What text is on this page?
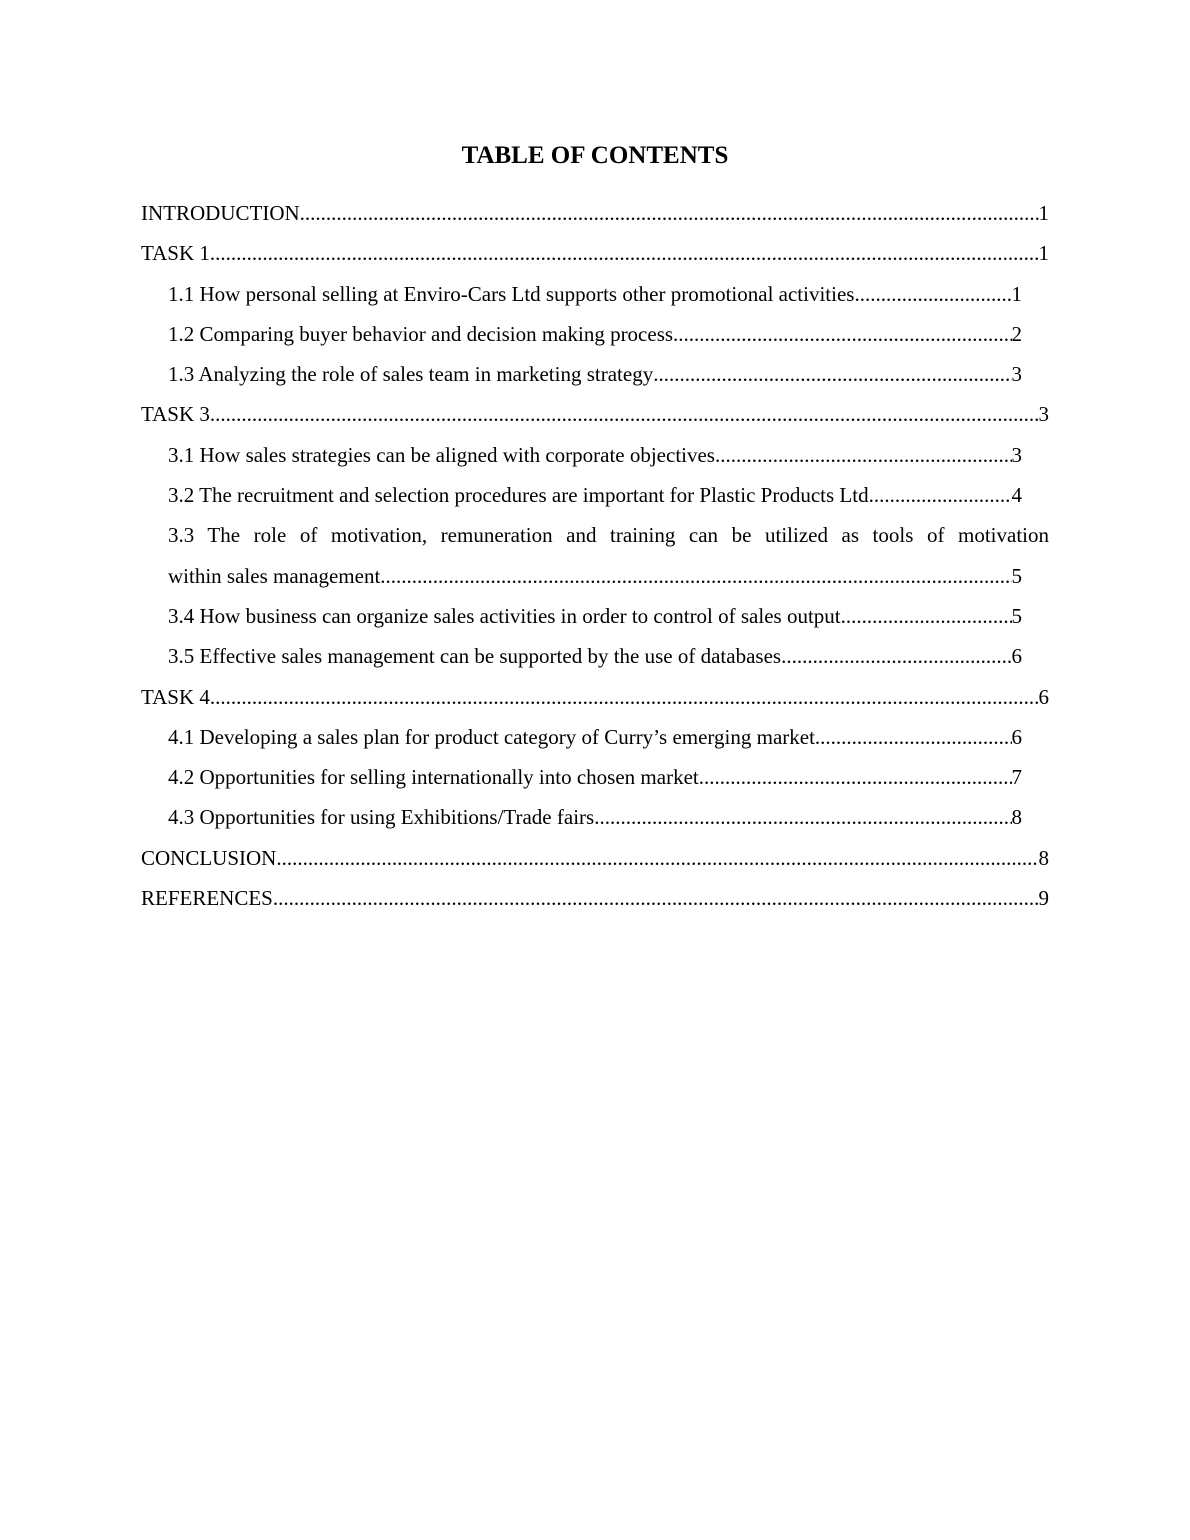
TABLE OF CONTENTS
INTRODUCTION .....	1
TASK 1 .....	1
1.1 How personal selling at Enviro-Cars Ltd supports other promotional activities .....	1
1.2 Comparing buyer behavior and decision making process .....	2
1.3 Analyzing the role of sales team in marketing strategy .....	3
TASK 3 .....	3
3.1 How sales strategies can be aligned with corporate objectives .....	3
3.2 The recruitment and selection procedures are important for Plastic Products Ltd .....	4
3.3 The role of motivation, remuneration and training can be utilized as tools of motivation
within sales management .....	5
3.4 How business can organize sales activities in order to control of sales output .....	5
3.5 Effective sales management can be supported by the use of databases .....	6
TASK 4 .....	6
4.1 Developing a sales plan for product category of Curry’s emerging market .....	6
4.2 Opportunities for selling internationally into chosen market .....	7
4.3 Opportunities for using Exhibitions/Trade fairs .....	8
CONCLUSION .....	8
REFERENCES .....	9
